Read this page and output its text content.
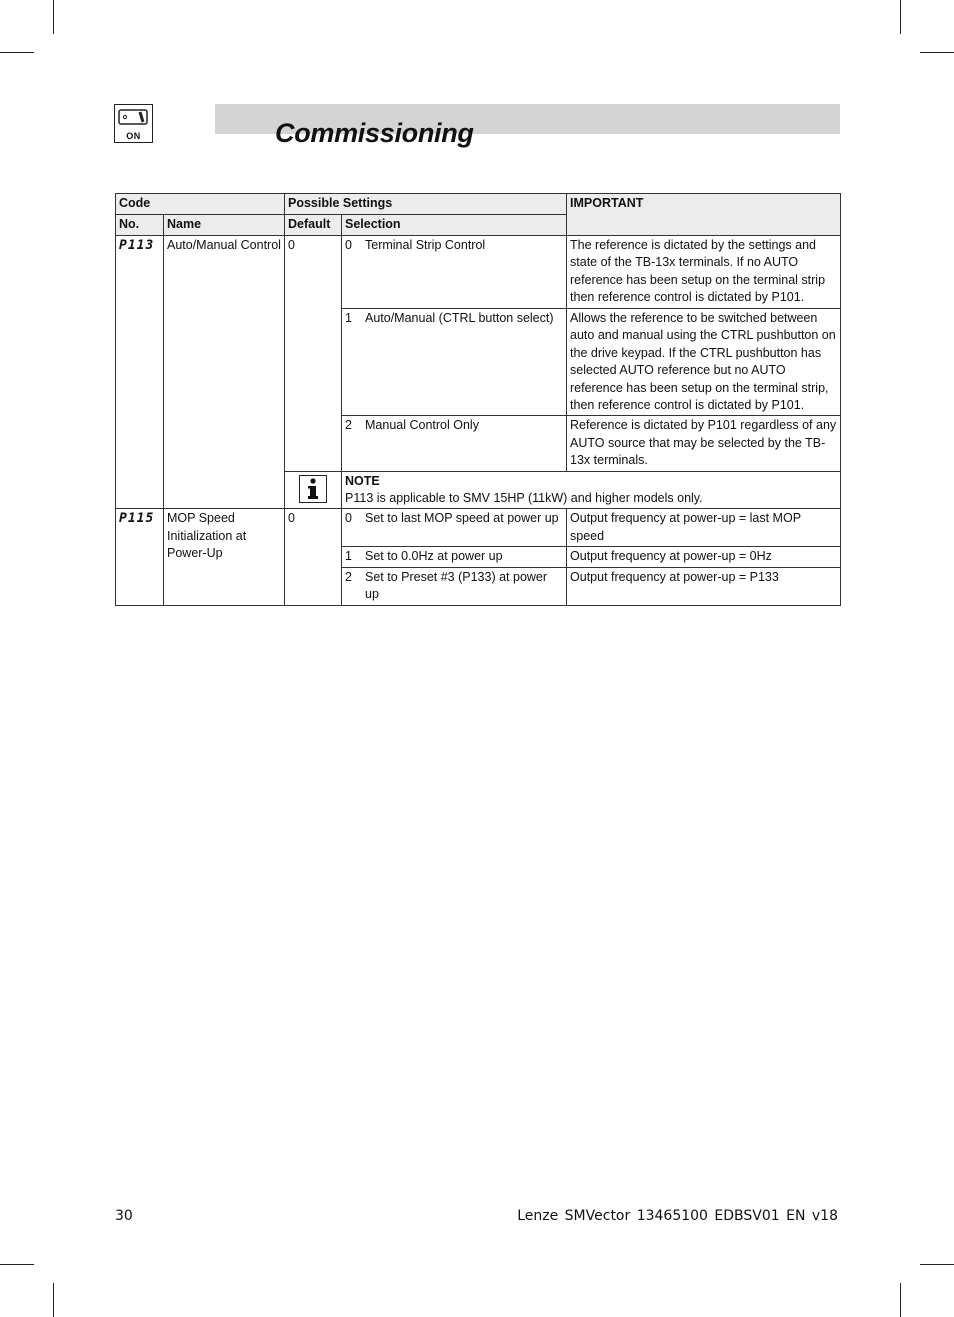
ON	Commissioning
Code		Possible Settings		IMPORTANT
No.	Name	Default	Selection	
P113	Auto/Manual Control	0	0 Terminal Strip Control	The reference is dictated by the settings and state of the TB-13x terminals. If no AUTO reference has been setup on the terminal strip then reference control is dictated by P101.

			1 Auto/Manual (CTRL button select)	Allows the reference to be switched between auto and manual using the CTRL pushbutton on the drive keypad. If the CTRL pushbutton has selected AUTO reference but no AUTO reference has been setup on the terminal strip, then reference control is dictated by P101.

			2 Manual Control Only	Reference is dictated by P101 regardless of any AUTO source that may be selected by the TB-13x terminals.

NOTE
P113 is applicable to SMV 15HP (11kW) and higher models only.	

P115	MOP Speed Initialization at Power-Up	0	0 Set to last MOP speed at power up	Output frequency at power-up = last MOP speed

			1 Set to 0.0Hz at power up	Output frequency at power-up = 0Hz

			2 Set to Preset #3 (P133) at power up	Output frequency at power-up = P133
30	Lenze SMVector 13465100 EDBSV01 EN v18
